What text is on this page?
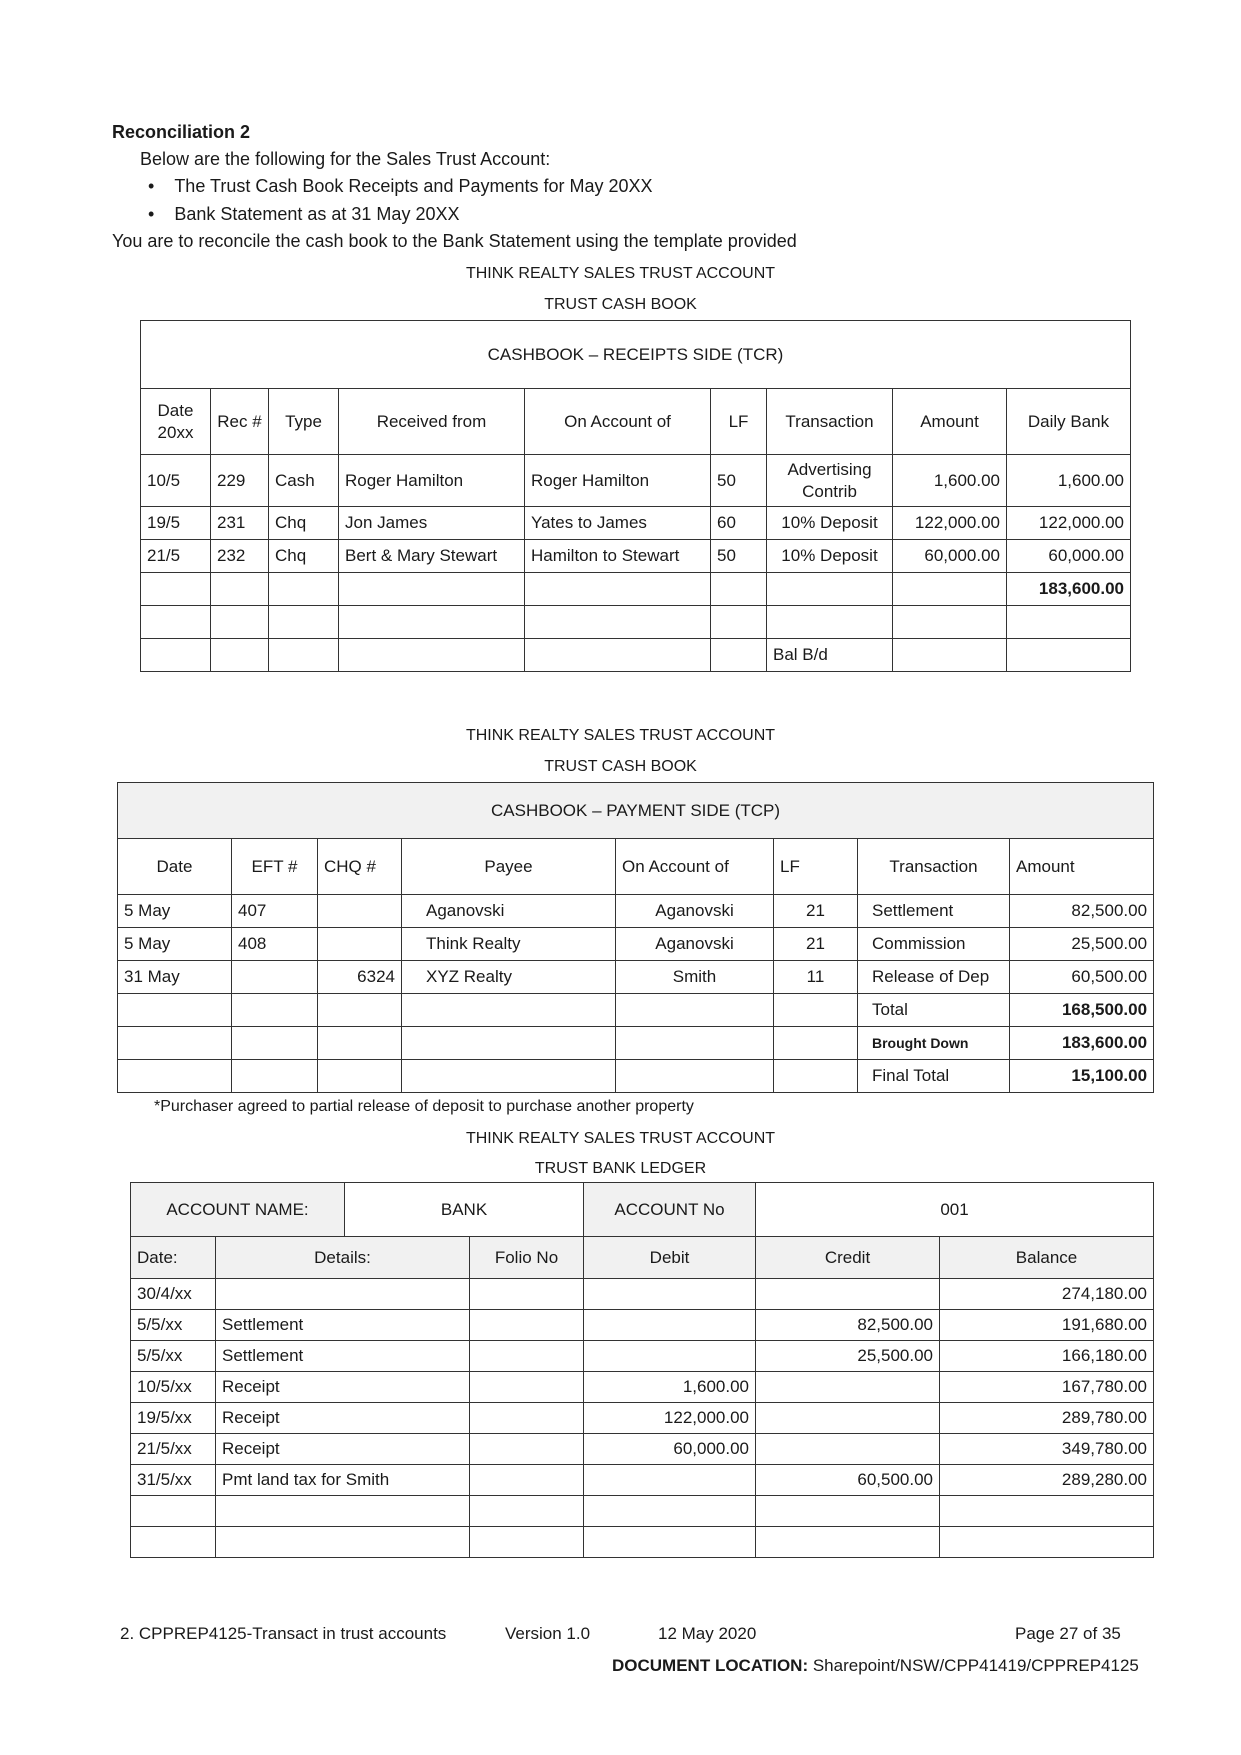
Reconciliation 2
Below are the following for the Sales Trust Account:
•    The Trust Cash Book Receipts and Payments for May 20XX
•    Bank Statement as at 31 May 20XX
You are to reconcile the cash book to the Bank Statement using the template provided
THINK REALTY SALES TRUST ACCOUNT
TRUST CASH BOOK
CASHBOOK – RECEIPTS SIDE (TCR)								
Date 20xx	Rec #	Type	Received from	On Account of	LF	Transaction	Amount	Daily Bank
10/5	229	Cash	Roger Hamilton	Roger Hamilton	50	Advertising Contrib	1,600.00	1,600.00
19/5	231	Chq	Jon James	Yates to James	60	10% Deposit	122,000.00	122,000.00
21/5	232	Chq	Bert & Mary Stewart	Hamilton to Stewart	50	10% Deposit	60,000.00	60,000.00
								183,600.00

						Bal B/d		
THINK REALTY SALES TRUST ACCOUNT
TRUST CASH BOOK
CASHBOOK – PAYMENT SIDE (TCP)							
Date	EFT #	CHQ #	Payee	On Account of	LF	Transaction	Amount
5 May	407		Aganovski	Aganovski	21	Settlement	82,500.00
5 May	408		Think Realty	Aganovski	21	Commission	25,500.00
31 May		6324	XYZ Realty	Smith	11	Release of Dep	60,500.00
						Total	168,500.00
						Brought Down	183,600.00
						Final Total	15,100.00
*Purchaser agreed to partial release of deposit to purchase another property
THINK REALTY SALES TRUST ACCOUNT
TRUST BANK LEDGER
ACCOUNT NAME:		BANK		ACCOUNT No	001	
Date:	Details:		Folio No	Debit	Credit	Balance
30/4/xx						274,180.00
5/5/xx	Settlement				82,500.00	191,680.00
5/5/xx	Settlement				25,500.00	166,180.00
10/5/xx	Receipt			1,600.00		167,780.00
19/5/xx	Receipt			122,000.00		289,780.00
21/5/xx	Receipt			60,000.00		349,780.00
31/5/xx	Pmt land tax for Smith				60,500.00	289,280.00

2. CPPREP4125-Transact in trust accounts	Version 1.0	12 May 2020	Page 27 of 35
DOCUMENT LOCATION: Sharepoint/NSW/CPP41419/CPPREP4125
